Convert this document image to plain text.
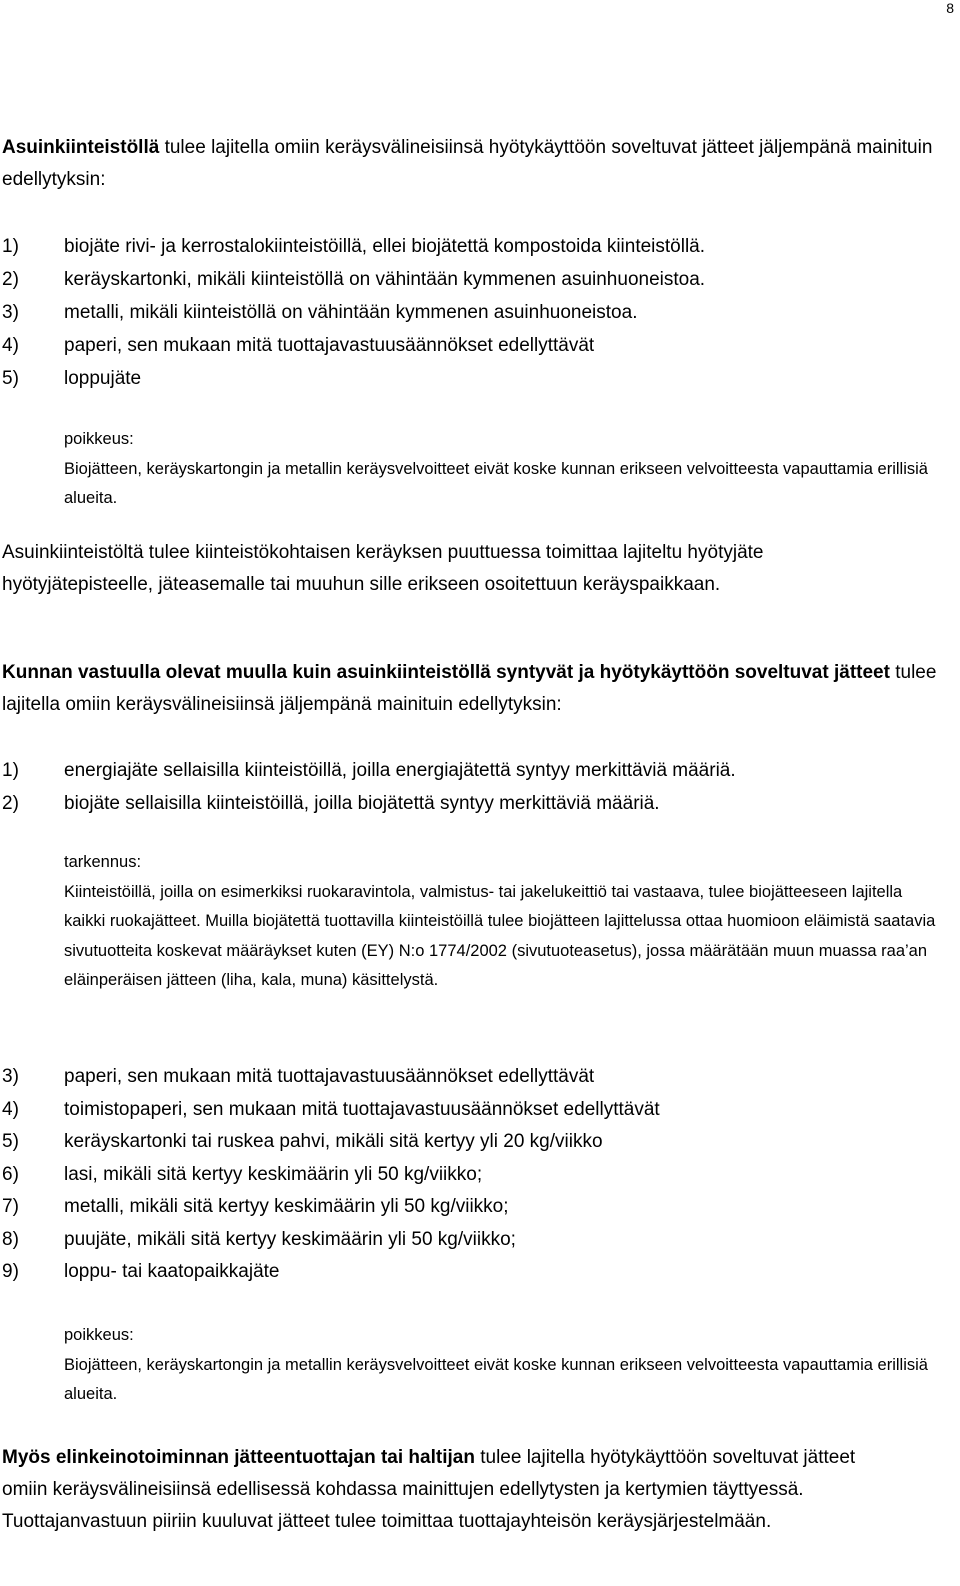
8
Asuinkiinteistöllä tulee lajitella omiin keräysvälineisiinsä hyötykäyttöön soveltuvat jätteet jäljempänä mainituin edellytyksin:
1) biojäte rivi- ja kerrostalokiinteistöillä, ellei biojätettä kompostoida kiinteistöllä.
2) keräyskartonki, mikäli kiinteistöllä on vähintään kymmenen asuinhuoneistoa.
3) metalli, mikäli kiinteistöllä on vähintään kymmenen asuinhuoneistoa.
4) paperi, sen mukaan mitä tuottajavastuusäännökset edellyttävät
5) loppujäte
poikkeus:
Biojätteen, keräyskartongin ja metallin keräysvelvoitteet eivät koske kunnan erikseen velvoitteesta vapauttamia erillisiä alueita.
Asuinkiinteistöltä tulee kiinteistökohtaisen keräyksen puuttuessa toimittaa lajiteltu hyötyjäte hyötyjätepisteelle, jäteasemalle tai muuhun sille erikseen osoitettuun keräyspaikkaan.
Kunnan vastuulla olevat muulla kuin asuinkiinteistöllä syntyvät ja hyötykäyttöön soveltuvat jätteet tulee lajitella omiin keräysvälineisiinsä jäljempänä mainituin edellytyksin:
1) energiajäte sellaisilla kiinteistöillä, joilla energiajätettä syntyy merkittäviä määriä.
2) biojäte sellaisilla kiinteistöillä, joilla biojätettä syntyy merkittäviä määriä.
tarkennus:
Kiinteistöillä, joilla on esimerkiksi ruokaravintola, valmistus- tai jakelukeittiö tai vastaava, tulee biojätteeseen lajitella kaikki ruokajätteet. Muilla biojätettä tuottavilla kiinteistöillä tulee biojätteen lajittelussa ottaa huomioon eläimistä saatavia sivutuotteita koskevat määräykset kuten (EY) N:o 1774/2002 (sivutuoteasetus), jossa määrätään muun muassa raa’an eläinperäisen jätteen (liha, kala, muna) käsittelystä.
3) paperi, sen mukaan mitä tuottajavastuusäännökset edellyttävät
4) toimistopaperi, sen mukaan mitä tuottajavastuusäännökset edellyttävät
5) keräyskartonki tai ruskea pahvi, mikäli sitä kertyy yli 20 kg/viikko
6) lasi, mikäli sitä kertyy keskimäärin yli 50 kg/viikko;
7) metalli, mikäli sitä kertyy keskimäärin yli 50 kg/viikko;
8) puujäte, mikäli sitä kertyy keskimäärin yli 50 kg/viikko;
9) loppu- tai kaatopaikkajäte
poikkeus:
Biojätteen, keräyskartongin ja metallin keräysvelvoitteet eivät koske kunnan erikseen velvoitteesta vapauttamia erillisiä alueita.
Myös elinkeinotoiminnan jätteentuottajan tai haltijan tulee lajitella hyötykäyttöön soveltuvat jätteet omiin keräysvälineisiinsä edellisessä kohdassa mainittujen edellytysten ja kertymien täyttyessä. Tuottajanvastuun piiriin kuuluvat jätteet tulee toimittaa tuottajayhteisön keräysjärjestelmään.
